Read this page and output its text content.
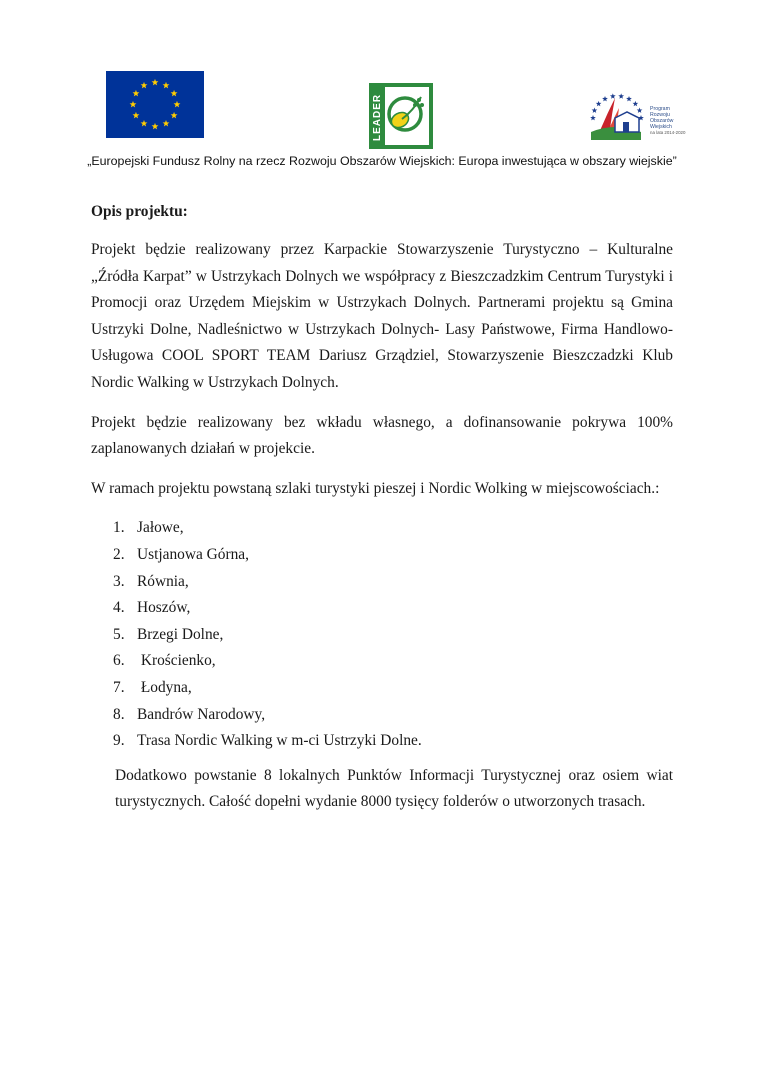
LEADER	Program
Rozwoju
Obszarów
Wiejskich
na lata 2014-2020
„Europejski Fundusz Rolny na rzecz Rozwoju Obszarów Wiejskich: Europa inwestująca w obszary wiejskie”

Opis projektu:

Projekt będzie realizowany przez Karpackie Stowarzyszenie Turystyczno – Kulturalne „Źródła Karpat” w Ustrzykach Dolnych we współpracy z Bieszczadzkim Centrum Turystyki i Promocji oraz Urzędem Miejskim w Ustrzykach Dolnych. Partnerami projektu są Gmina Ustrzyki Dolne, Nadleśnictwo w Ustrzykach Dolnych- Lasy Państwowe, Firma Handlowo- Usługowa COOL SPORT TEAM Dariusz Grządziel, Stowarzyszenie Bieszczadzki Klub Nordic Walking w Ustrzykach Dolnych.

Projekt będzie realizowany bez wkładu własnego, a dofinansowanie pokrywa 100% zaplanowanych działań w projekcie.

W ramach projektu powstaną szlaki turystyki pieszej i Nordic Wolking w miejscowościach.:

1. Jałowe,
2. Ustjanowa Górna,
3. Równia,
4. Hoszów,
5. Brzegi Dolne,
6. Krościenko,
7. Łodyna,
8. Bandrów Narodowy,
9. Trasa Nordic Walking w m-ci Ustrzyki Dolne.

Dodatkowo powstanie 8 lokalnych Punktów Informacji Turystycznej oraz osiem wiat turystycznych. Całość dopełni wydanie 8000 tysięcy folderów o utworzonych trasach.
